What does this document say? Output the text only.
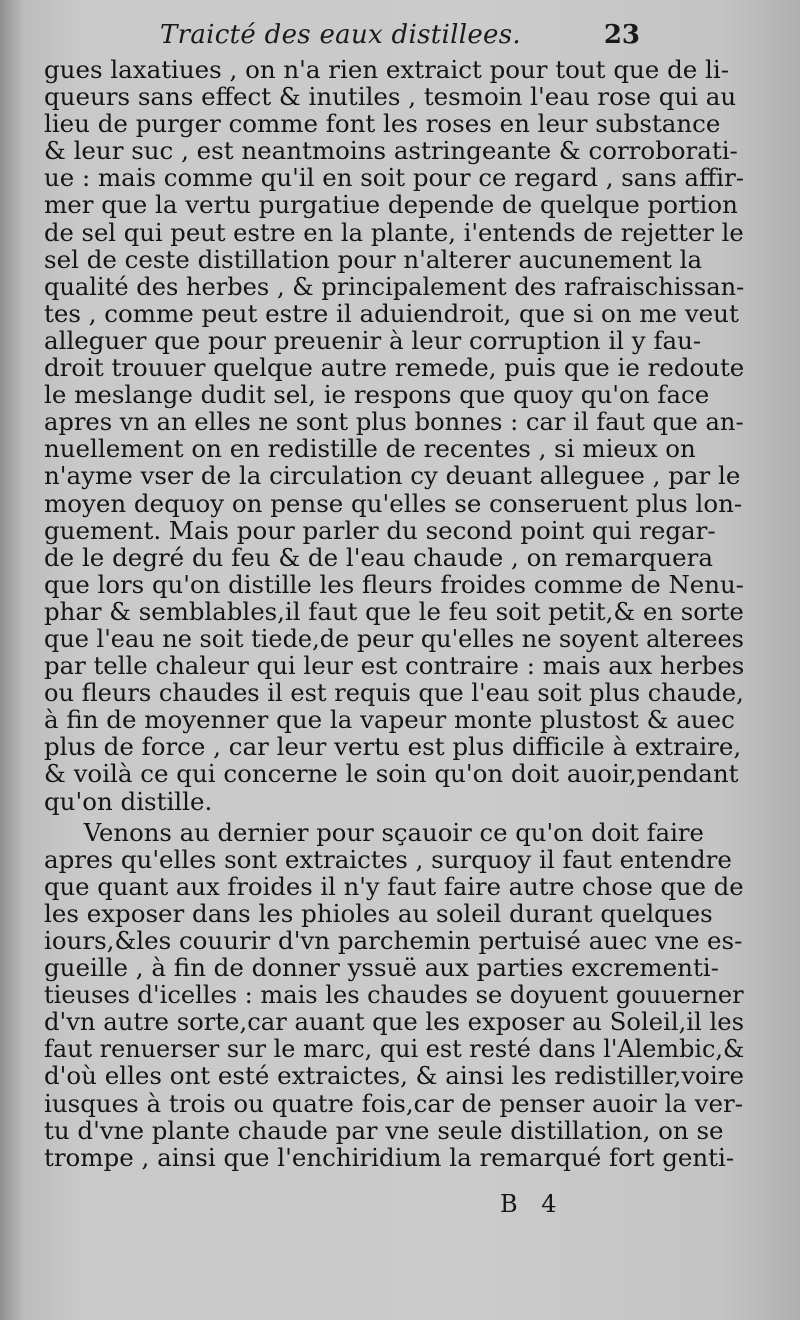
Traicté des eaux distillees.	23
gues laxatiues , on n'a rien extraict pour tout que de li-
queurs sans effect & inutiles , tesmoin l'eau rose qui au
lieu de purger comme font les roses en leur substance
& leur suc , est neantmoins astringeante & corroborati-
ue : mais comme qu'il en soit pour ce regard , sans affir-
mer que la vertu purgatiue depende de quelque portion
de sel qui peut estre en la plante, i'entends de rejetter le
sel de ceste distillation pour n'alterer aucunement la
qualité des herbes , & principalement des rafraischissan-
tes , comme peut estre il aduiendroit, que si on me veut
alleguer que pour preuenir à leur corruption il y fau-
droit trouuer quelque autre remede, puis que ie redoute
le meslange dudit sel, ie respons que quoy qu'on face
apres vn an elles ne sont plus bonnes : car il faut que an-
nuellement on en redistille de recentes , si mieux on
n'ayme vser de la circulation cy deuant alleguee , par le
moyen dequoy on pense qu'elles se conseruent plus lon-
guement. Mais pour parler du second point qui regar-
de le degré du feu & de l'eau chaude , on remarquera
que lors qu'on distille les fleurs froides comme de Nenu-
phar & semblables,il faut que le feu soit petit,& en sorte
que l'eau ne soit tiede,de peur qu'elles ne soyent alterees
par telle chaleur qui leur est contraire : mais aux herbes
ou fleurs chaudes il est requis que l'eau soit plus chaude,
à fin de moyenner que la vapeur monte plustost & auec
plus de force , car leur vertu est plus difficile à extraire,
& voilà ce qui concerne le soin qu'on doit auoir,pendant
qu'on distille.
Venons au dernier pour sçauoir ce qu'on doit faire
apres qu'elles sont extraictes , surquoy il faut entendre
que quant aux froides il n'y faut faire autre chose que de
les exposer dans les phioles au soleil durant quelques
iours,&les couurir d'vn parchemin pertuisé auec vne es-
gueille , à fin de donner yssuë aux parties excrementi-
tieuses d'icelles : mais les chaudes se doyuent gouuerner
d'vn autre sorte,car auant que les exposer au Soleil,il les
faut renuerser sur le marc, qui est resté dans l'Alembic,&
d'où elles ont esté extraictes, & ainsi les redistiller,voire
iusques à trois ou quatre fois,car de penser auoir la ver-
tu d'vne plante chaude par vne seule distillation, on se
trompe , ainsi que l'enchiridium la remarqué fort genti-
B 4
